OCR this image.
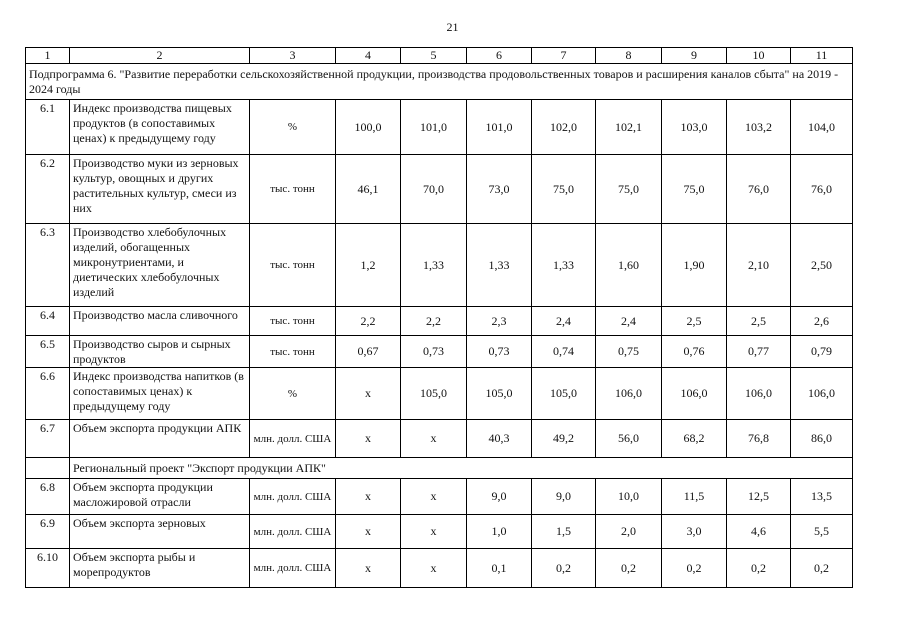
21
1	2	3	4	5	6	7	8	9	10	11
Подпрограмма 6. "Развитие переработки сельскохозяйственной продукции, производства продовольственных товаров и расширения каналов сбыта" на 2019 - 2024 годы										
6.1	Индекс производства пищевых продуктов (в сопоставимых ценах) к предыдущему году	%	100,0	101,0	101,0	102,0	102,1	103,0	103,2	104,0
6.2	Производство муки из зерновых культур, овощных и других растительных культур, смеси из них	тыс. тонн	46,1	70,0	73,0	75,0	75,0	75,0	76,0	76,0
6.3	Производство хлебобулочных изделий, обогащенных микронутриентами, и диетических хлебобулочных изделий	тыс. тонн	1,2	1,33	1,33	1,33	1,60	1,90	2,10	2,50
6.4	Производство масла сливочного	тыс. тонн	2,2	2,2	2,3	2,4	2,4	2,5	2,5	2,6
6.5	Производство сыров и сырных продуктов	тыс. тонн	0,67	0,73	0,73	0,74	0,75	0,76	0,77	0,79
6.6	Индекс производства напитков (в сопоставимых ценах) к предыдущему году	%	х	105,0	105,0	105,0	106,0	106,0	106,0	106,0
6.7	Объем экспорта продукции АПК	млн. долл. США	х	х	40,3	49,2	56,0	68,2	76,8	86,0
	Региональный проект "Экспорт продукции АПК"									
6.8	Объем экспорта продукции масложировой отрасли	млн. долл. США	х	х	9,0	9,0	10,0	11,5	12,5	13,5
6.9	Объем экспорта зерновых	млн. долл. США	х	х	1,0	1,5	2,0	3,0	4,6	5,5
6.10	Объем экспорта рыбы и морепродуктов	млн. долл. США	х	х	0,1	0,2	0,2	0,2	0,2	0,2
